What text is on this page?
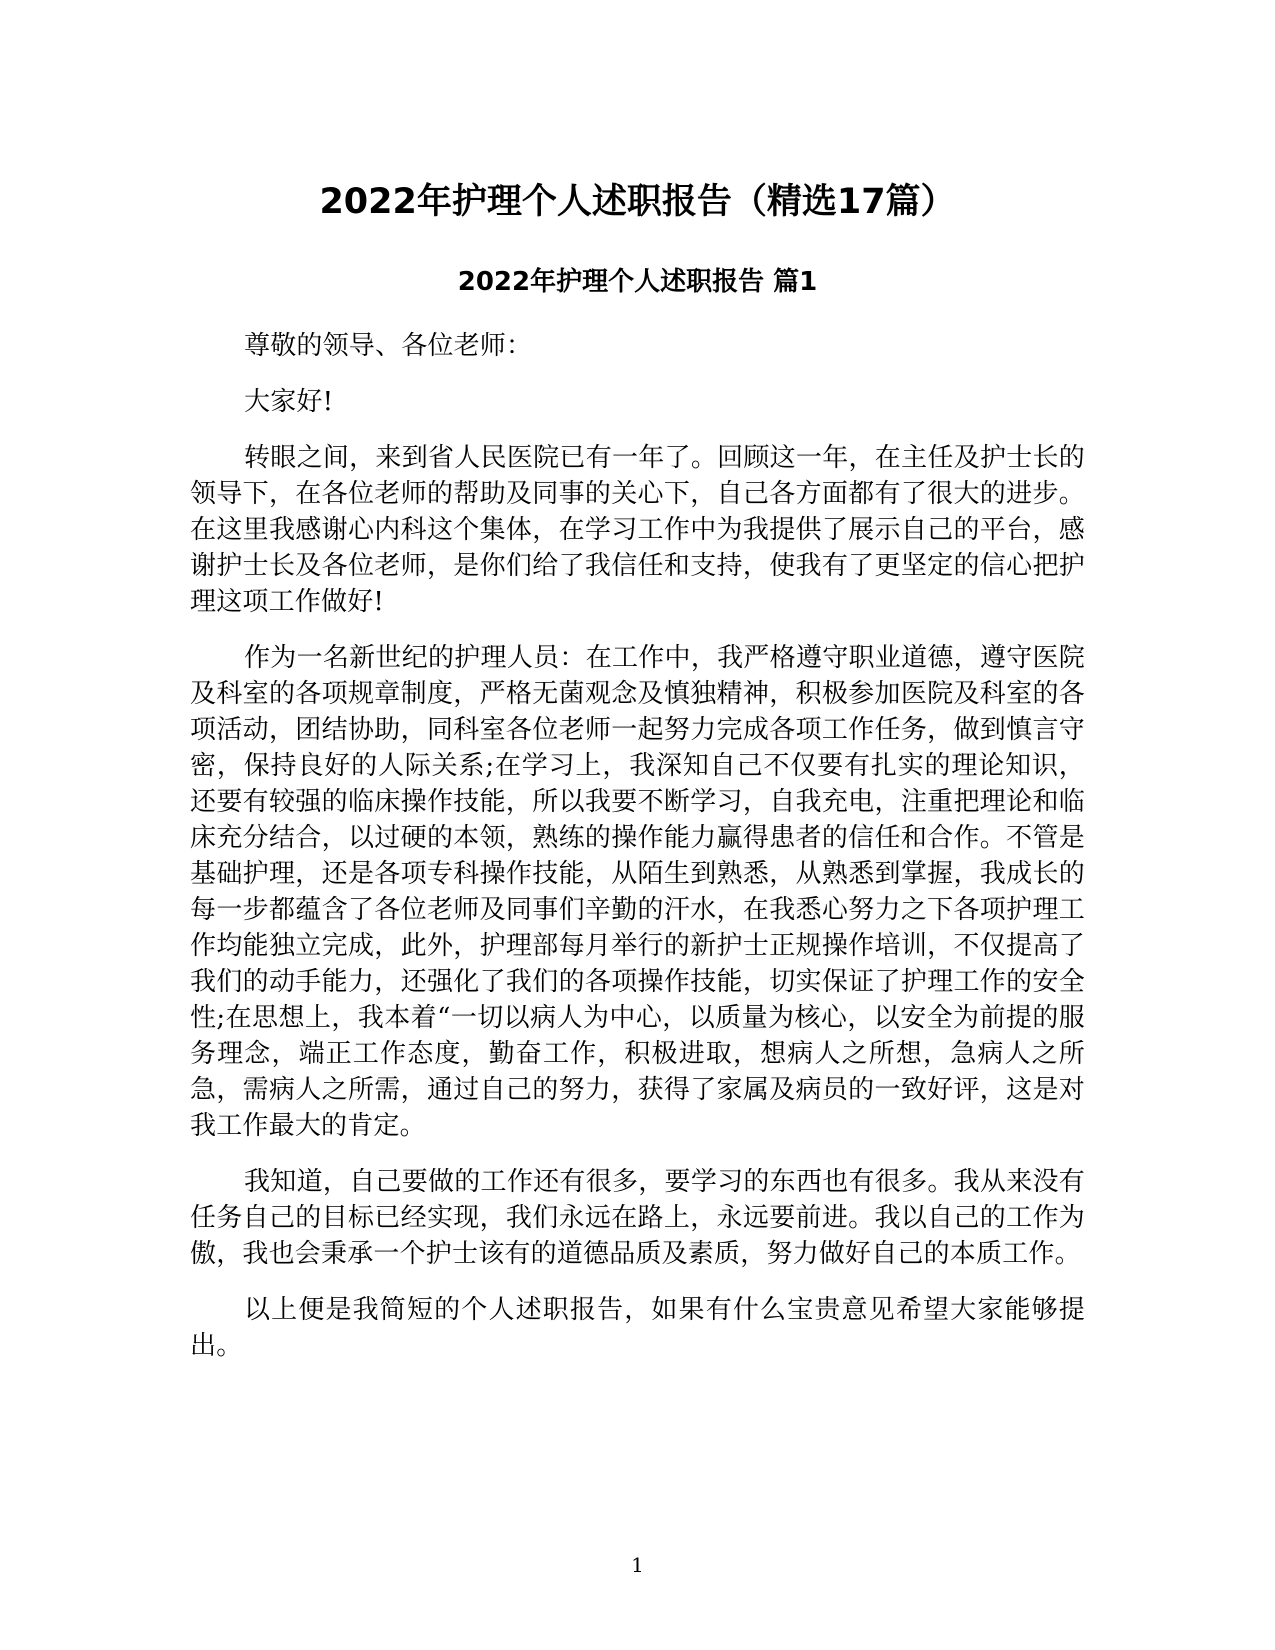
2022年护理个人述职报告（精选17篇）
2022年护理个人述职报告 篇1

尊敬的领导、各位老师：

大家好!

转眼之间，来到省人民医院已有一年了。回顾这一年，在主任及护士长的领导下，在各位老师的帮助及同事的关心下，自己各方面都有了很大的进步。在这里我感谢心内科这个集体，在学习工作中为我提供了展示自己的平台，感谢护士长及各位老师，是你们给了我信任和支持，使我有了更坚定的信心把护理这项工作做好!

作为一名新世纪的护理人员：在工作中，我严格遵守职业道德，遵守医院及科室的各项规章制度，严格无菌观念及慎独精神，积极参加医院及科室的各项活动，团结协助，同科室各位老师一起努力完成各项工作任务，做到慎言守密，保持良好的人际关系;在学习上，我深知自己不仅要有扎实的理论知识，还要有较强的临床操作技能，所以我要不断学习，自我充电，注重把理论和临床充分结合，以过硬的本领，熟练的操作能力赢得患者的信任和合作。不管是基础护理，还是各项专科操作技能，从陌生到熟悉，从熟悉到掌握，我成长的每一步都蕴含了各位老师及同事们辛勤的汗水，在我悉心努力之下各项护理工作均能独立完成，此外，护理部每月举行的新护士正规操作培训，不仅提高了我们的动手能力，还强化了我们的各项操作技能，切实保证了护理工作的安全性;在思想上，我本着“一切以病人为中心，以质量为核心，以安全为前提的服务理念，端正工作态度，勤奋工作，积极进取，想病人之所想，急病人之所急，需病人之所需，通过自己的努力，获得了家属及病员的一致好评，这是对我工作最大的肯定。

我知道，自己要做的工作还有很多，要学习的东西也有很多。我从来没有任务自己的目标已经实现，我们永远在路上，永远要前进。我以自己的工作为傲，我也会秉承一个护士该有的道德品质及素质，努力做好自己的本质工作。

以上便是我简短的个人述职报告，如果有什么宝贵意见希望大家能够提出。

1
